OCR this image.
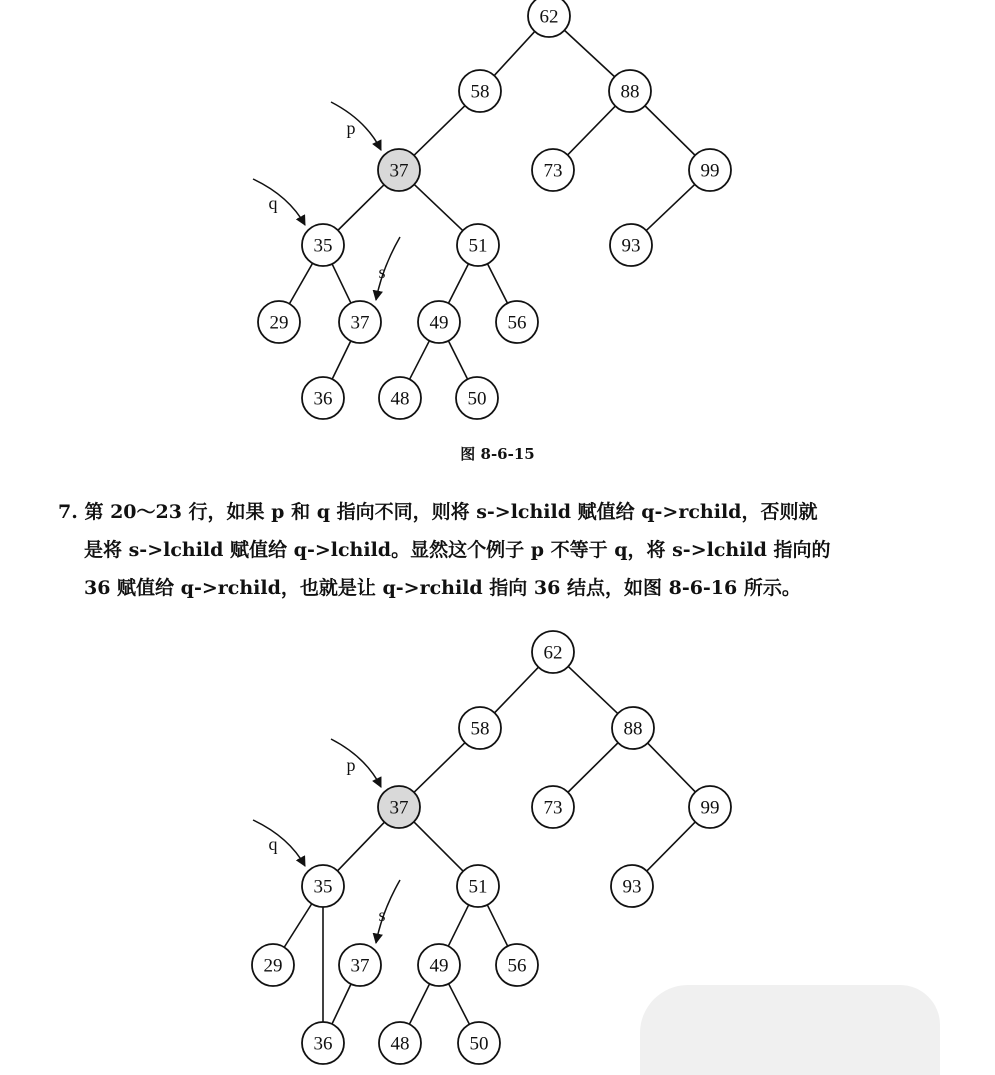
p
q
s
62
58	88
37	73	99
35	51	93
29	37	49	56
36	48	50
图 8-6-15
7. 第 20～23 行，如果 p 和 q 指向不同，则将 s->lchild 赋值给 q->rchild，否则就
是将 s->lchild 赋值给 q->lchild。显然这个例子 p 不等于 q，将 s->lchild 指向的
36 赋值给 q->rchild，也就是让 q->rchild 指向 36 结点，如图 8-6-16 所示。
p
q
s
62
58	88
37	73	99
35	51	93
29	37	49	56
36	48	50
